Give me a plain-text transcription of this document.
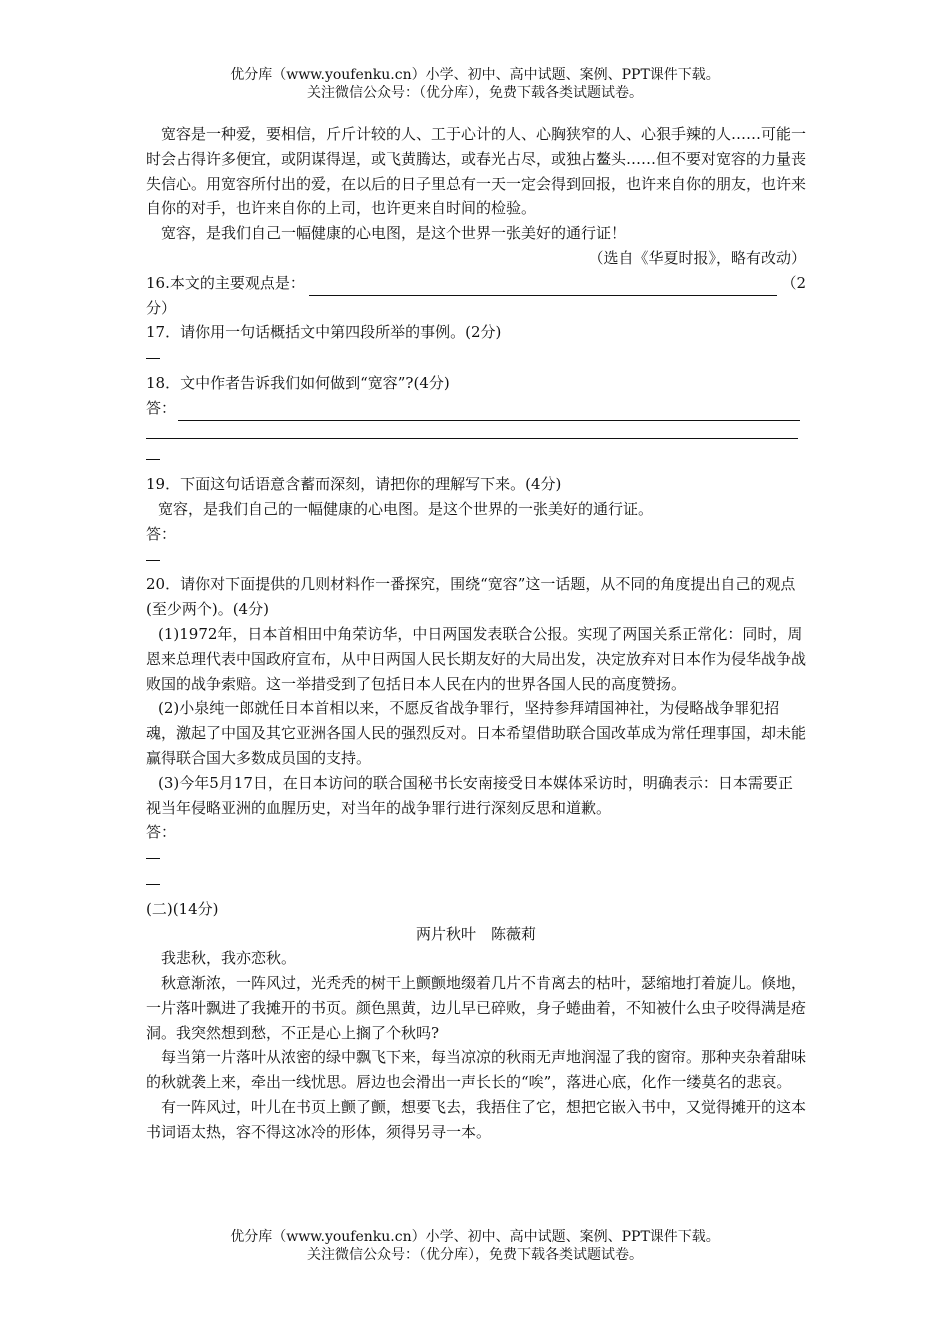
优分库（www.youfenku.cn）小学、初中、高中试题、案例、PPT课件下载。
关注微信公众号：（优分库），免费下载各类试题试卷。

宽容是一种爱，要相信，斤斤计较的人、工于心计的人、心胸狭窄的人、心狠手辣的人……可能一时会占得许多便宜，或阴谋得逞，或飞黄腾达，或春光占尽，或独占鳌头……但不要对宽容的力量丧失信心。用宽容所付出的爱，在以后的日子里总有一天一定会得到回报，也许来自你的朋友，也许来自你的对手，也许来自你的上司，也许更来自时间的检验。

宽容，是我们自己一幅健康的心电图，是这个世界一张美好的通行证！

（选自《华夏时报》，略有改动）

16.本文的主要观点是：	（2

分）

17．请你用一句话概括文中第四段所举的事例。(2分)

18．文中作者告诉我们如何做到“宽容”?(4分)

答：

19．下面这句话语意含蓄而深刻，请把你的理解写下来。(4分)

宽容，是我们自己的一幅健康的心电图。是这个世界的一张美好的通行证。

答：

20．请你对下面提供的几则材料作一番探究，围绕“宽容”这一话题，从不同的角度提出自己的观点(至少两个)。(4分)

(1)1972年，日本首相田中角荣访华，中日两国发表联合公报。实现了两国关系正常化：同时，周恩来总理代表中国政府宣布，从中日两国人民长期友好的大局出发，决定放弃对日本作为侵华战争战败国的战争索赔。这一举措受到了包括日本人民在内的世界各国人民的高度赞扬。

(2)小泉纯一郎就任日本首相以来，不愿反省战争罪行，坚持参拜靖国神社，为侵略战争罪犯招魂，激起了中国及其它亚洲各国人民的强烈反对。日本希望借助联合国改革成为常任理事国，却未能赢得联合国大多数成员国的支持。

(3)今年5月17日，在日本访问的联合国秘书长安南接受日本媒体采访时，明确表示：日本需要正视当年侵略亚洲的血腥历史，对当年的战争罪行进行深刻反思和道歉。

答：

(二)(14分)

两片秋叶　陈薇莉

我悲秋，我亦恋秋。

秋意渐浓，一阵风过，光秃秃的树干上颤颤地缀着几片不肯离去的枯叶，瑟缩地打着旋儿。倏地，一片落叶飘进了我摊开的书页。颜色黑黄，边儿早已碎败，身子蜷曲着，不知被什么虫子咬得满是疮洞。我突然想到愁，不正是心上搁了个秋吗?

每当第一片落叶从浓密的绿中飘飞下来，每当凉凉的秋雨无声地润湿了我的窗帘。那种夹杂着甜味的秋就袭上来，牵出一线忧思。唇边也会滑出一声长长的“唉”，落进心底，化作一缕莫名的悲哀。

有一阵风过，叶儿在书页上颤了颤，想要飞去，我捂住了它，想把它嵌入书中，又觉得摊开的这本书词语太热，容不得这冰冷的形体，须得另寻一本。

优分库（www.youfenku.cn）小学、初中、高中试题、案例、PPT课件下载。
关注微信公众号：（优分库），免费下载各类试题试卷。
